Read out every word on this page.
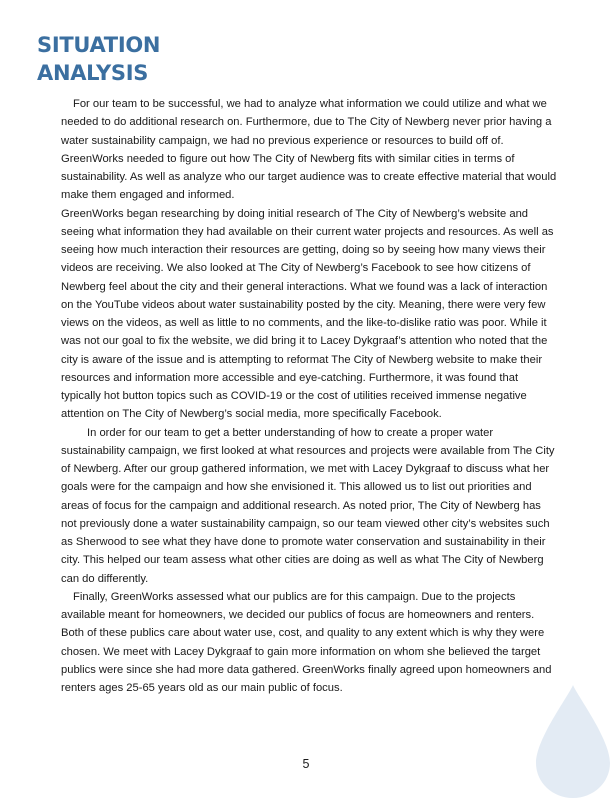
SITUATION
ANALYSIS

For our team to be successful, we had to analyze what information we could utilize and what we needed to do additional research on. Furthermore, due to The City of Newberg never prior having a water sustainability campaign, we had no previous experience or resources to build off of. GreenWorks needed to figure out how The City of Newberg fits with similar cities in terms of sustainability. As well as analyze who our target audience was to create effective material that would make them engaged and informed.

GreenWorks began researching by doing initial research of The City of Newberg’s website and seeing what information they had available on their current water projects and resources. As well as seeing how much interaction their resources are getting, doing so by seeing how many views their videos are receiving. We also looked at The City of Newberg’s Facebook to see how citizens of Newberg feel about the city and their general interactions. What we found was a lack of interaction on the YouTube videos about water sustainability posted by the city. Meaning, there were very few views on the videos, as well as little to no comments, and the like-to-dislike ratio was poor. While it was not our goal to fix the website, we did bring it to Lacey Dykgraaf’s attention who noted that the city is aware of the issue and is attempting to reformat The City of Newberg website to make their resources and information more accessible and eye-catching. Furthermore, it was found that typically hot button topics such as COVID-19 or the cost of utilities received immense negative attention on The City of Newberg’s social media, more specifically Facebook.

In order for our team to get a better understanding of how to create a proper water sustainability campaign, we first looked at what resources and projects were available from The City of Newberg. After our group gathered information, we met with Lacey Dykgraaf to discuss what her goals were for the campaign and how she envisioned it. This allowed us to list out priorities and areas of focus for the campaign and additional research. As noted prior, The City of Newberg has not previously done a water sustainability campaign, so our team viewed other city’s websites such as Sherwood to see what they have done to promote water conservation and sustainability in their city. This helped our team assess what other cities are doing as well as what The City of Newberg can do differently.

Finally, GreenWorks assessed what our publics are for this campaign. Due to the projects available meant for homeowners, we decided our publics of focus are homeowners and renters. Both of these publics care about water use, cost, and quality to any extent which is why they were chosen. We meet with Lacey Dykgraaf to gain more information on whom she believed the target publics were since she had more data gathered. GreenWorks finally agreed upon homeowners and renters ages 25-65 years old as our main public of focus.

5
